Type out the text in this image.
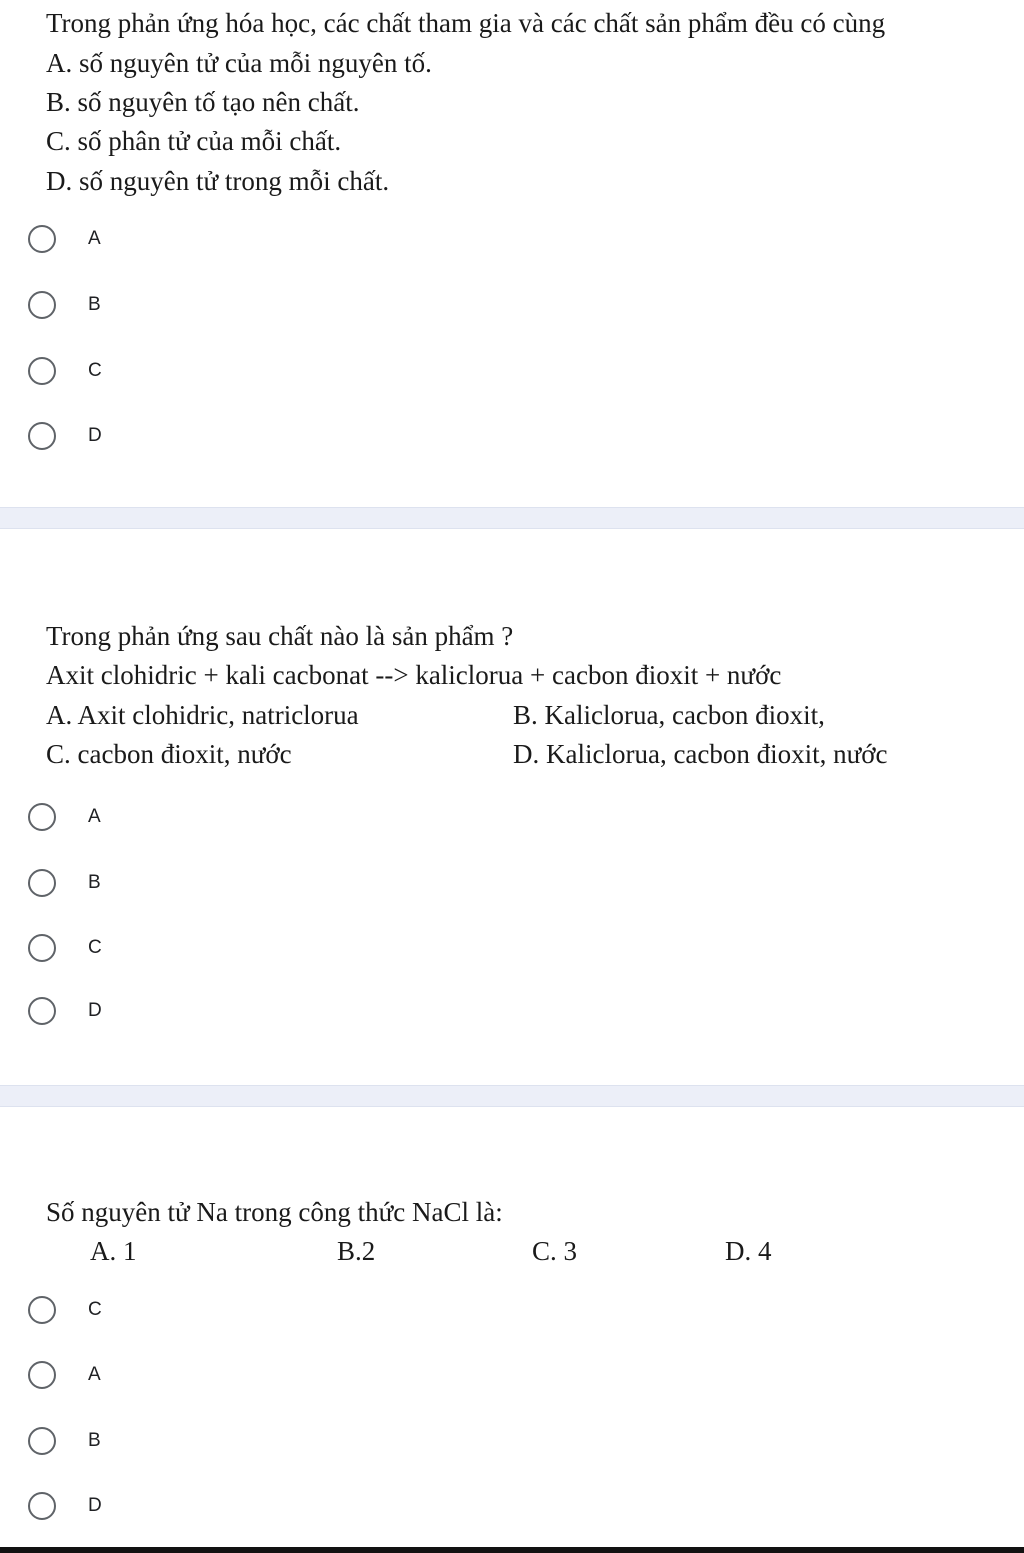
Trong phản ứng hóa học, các chất tham gia và các chất sản phẩm đều có cùng
A. số nguyên tử của mỗi nguyên tố.
B. số nguyên tố tạo nên chất.
C. số phân tử của mỗi chất.
D. số nguyên tử trong mỗi chất.
A
B
C
D
Trong phản ứng sau chất nào là sản phẩm ?
Axit clohidric + kali cacbonat --> kaliclorua + cacbon đioxit + nước
A. Axit clohidric, natriclorua	B. Kaliclorua, cacbon đioxit,
C. cacbon đioxit, nước	D. Kaliclorua, cacbon đioxit, nước
A
B
C
D
Số nguyên tử Na trong công thức NaCl là:
A. 1	B.2	C. 3	D. 4
C
A
B
D
